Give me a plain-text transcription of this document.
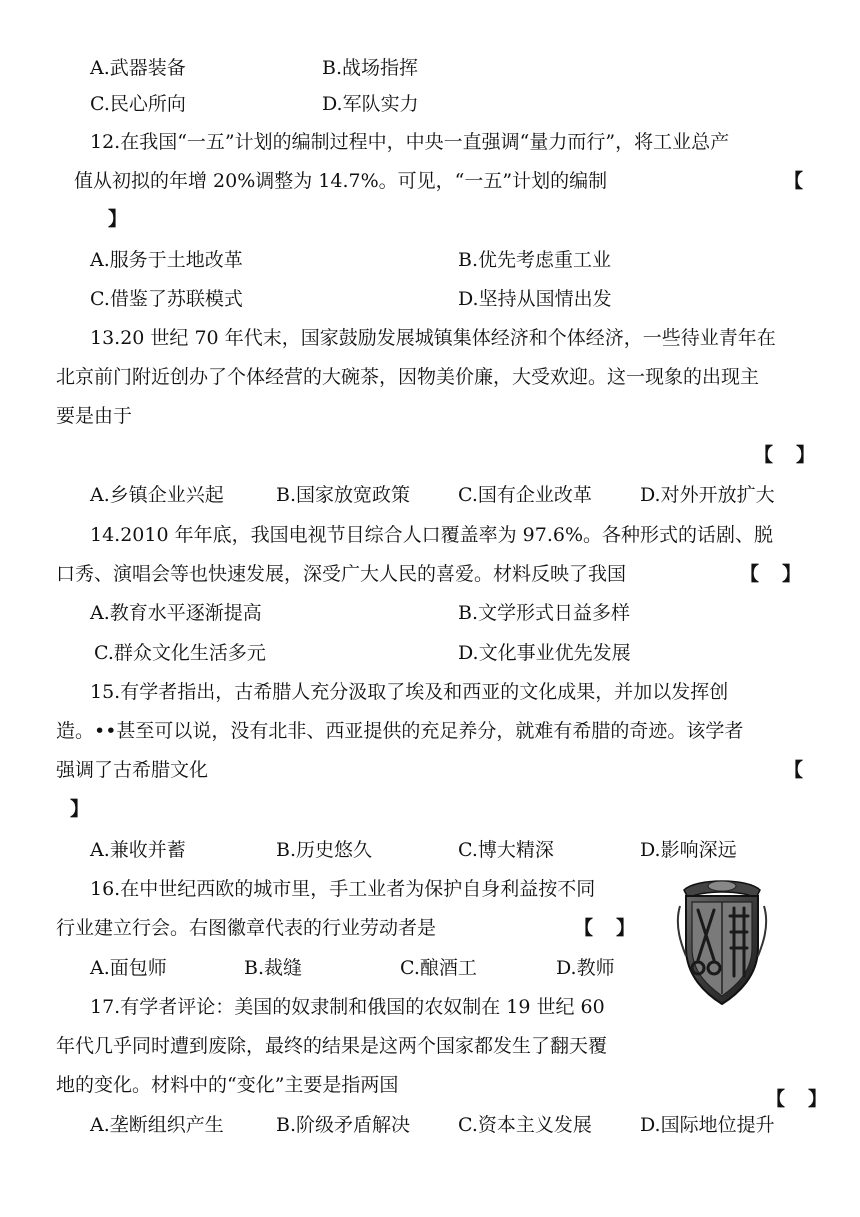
A.武器装备	B.战场指挥
C.民心所向	D.军队实力
12.在我国“一五”计划的编制过程中，中央一直强调“量力而行”，将工业总产
值从初拟的年增 20%调整为 14.7%。可见，“一五”计划的编制	【
】
A.服务于土地改革	B.优先考虑重工业
C.借鉴了苏联模式	D.坚持从国情出发
13.20 世纪 70 年代末，国家鼓励发展城镇集体经济和个体经济，一些待业青年在
北京前门附近创办了个体经营的大碗茶，因物美价廉，大受欢迎。这一现象的出现主
要是由于
【　】
A.乡镇企业兴起	B.国家放宽政策	C.国有企业改革	D.对外开放扩大
14.2010 年年底，我国电视节目综合人口覆盖率为 97.6%。各种形式的话剧、脱
口秀、演唱会等也快速发展，深受广大人民的喜爱。材料反映了我国	【　】
A.教育水平逐渐提高	B.文学形式日益多样
C.群众文化生活多元	D.文化事业优先发展
15.有学者指出，古希腊人充分汲取了埃及和西亚的文化成果，并加以发挥创
造。••甚至可以说，没有北非、西亚提供的充足养分，就难有希腊的奇迹。该学者
强调了古希腊文化	【
】
A.兼收并蓄	B.历史悠久	C.博大精深	D.影响深远
16.在中世纪西欧的城市里，手工业者为保护自身利益按不同
行业建立行会。右图徽章代表的行业劳动者是	【　】
A.面包师	B.裁缝	C.酿酒工	D.教师
17.有学者评论：美国的奴隶制和俄国的农奴制在 19 世纪 60
年代几乎同时遭到废除，最终的结果是这两个国家都发生了翻天覆
地的变化。材料中的“变化”主要是指两国
【　】
A.垄断组织产生	B.阶级矛盾解决	C.资本主义发展	D.国际地位提升
